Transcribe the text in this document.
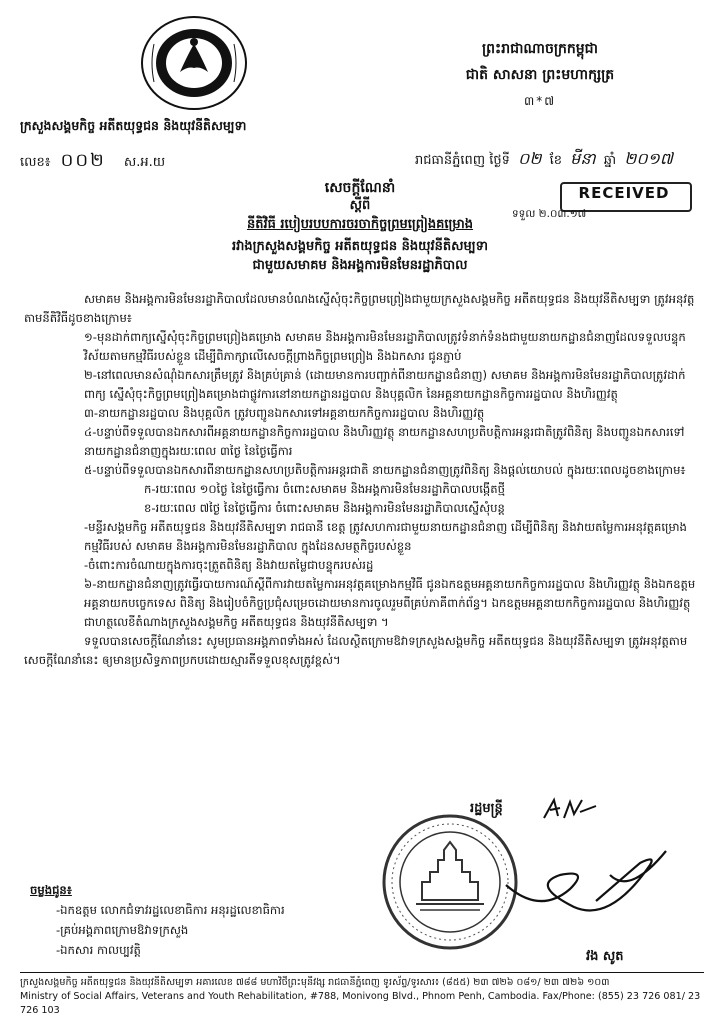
ក្រសួងសង្គមកិច្ច អតីតយុទ្ធជន និងយុវនីតិសម្បទា
ព្រះរាជាណាចក្រកម្ពុជា
ជាតិ សាសនា ព្រះមហាក្សត្រ
៣*៧
លេខ៖ ០០២ ស.អ.យ	រាជធានីភ្នំពេញ ថ្ងៃទី ០២ ខែ មីនា ឆ្នាំ ២០១៧
RECEIVED
ទទួល ២.០៣.១៧
សេចក្តីណែនាំ
ស្តីពី
នីតិវិធី របៀបរបបការចរចាកិច្ចព្រមព្រៀងគម្រោង
រវាងក្រសួងសង្គមកិច្ច អតីតយុទ្ធជន និងយុវនីតិសម្បទា
ជាមួយសមាគម និងអង្គការមិនមែនរដ្ឋាភិបាល

សមាគម និងអង្គការមិនមែនរដ្ឋាភិបាលដែលមានបំណងស្នើសុំចុះកិច្ចព្រមព្រៀងជាមួយក្រសួងសង្គមកិច្ច អតីតយុទ្ធជន និងយុវនីតិសម្បទា ត្រូវអនុវត្តតាមនីតិវិធីដូចខាងក្រោម៖

១-មុនដាក់ពាក្យស្នើសុំចុះកិច្ចព្រមព្រៀងគម្រោង សមាគម និងអង្គការមិនមែនរដ្ឋាភិបាលត្រូវទំនាក់ទំនងជាមួយនាយកដ្ឋានជំនាញដែលទទួលបន្ទុកវិស័យតាមកម្មវិធីរបស់ខ្លួន ដើម្បីពិភាក្សាលើសេចក្តីព្រាងកិច្ចព្រមព្រៀង និងឯកសារ ជូនភ្ជាប់

២-នៅពេលមានសំណុំឯកសារត្រឹមត្រូវ និងគ្រប់គ្រាន់ (ដោយមានការបញ្ជាក់ពីនាយកដ្ឋានជំនាញ) សមាគម និងអង្គការមិនមែនរដ្ឋាភិបាលត្រូវដាក់ពាក្យ ស្នើសុំចុះកិច្ចព្រមព្រៀងគម្រោងជាផ្លូវការនៅនាយកដ្ឋានរដ្ឋបាល និងបុគ្គលិក នៃអគ្គនាយកដ្ឋានកិច្ចការរដ្ឋបាល និងហិរញ្ញវត្ថុ

៣-នាយកដ្ឋានរដ្ឋបាល និងបុគ្គលិក ត្រូវបញ្ជូនឯកសារទៅអគ្គនាយកកិច្ចការរដ្ឋបាល និងហិរញ្ញវត្ថុ

៤-បន្ទាប់ពីទទួលបានឯកសារពីអគ្គនាយកដ្ឋានកិច្ចការរដ្ឋបាល និងហិរញ្ញវត្ថុ នាយកដ្ឋានសហប្រតិបត្តិការអន្តរជាតិត្រូវពិនិត្យ និងបញ្ជូនឯកសារទៅនាយកដ្ឋានជំនាញក្នុងរយៈពេល ៣ថ្ងៃ នៃថ្ងៃធ្វើការ

៥-បន្ទាប់ពីទទួលបានឯកសារពីនាយកដ្ឋានសហប្រតិបត្តិការអន្តរជាតិ នាយកដ្ឋានជំនាញត្រូវពិនិត្យ និងផ្តល់យោបល់ ក្នុងរយៈពេលដូចខាងក្រោម៖

ក-រយៈពេល ១០ថ្ងៃ នៃថ្ងៃធ្វើការ ចំពោះសមាគម និងអង្គការមិនមែនរដ្ឋាភិបាលបង្កើតថ្មី

ខ-រយៈពេល ៧ថ្ងៃ នៃថ្ងៃធ្វើការ ចំពោះសមាគម និងអង្គការមិនមែនរដ្ឋាភិបាលស្នើសុំបន្ត

-មន្ទីរសង្គមកិច្ច អតីតយុទ្ធជន និងយុវនីតិសម្បទា រាជធានី ខេត្ត ត្រូវសហការជាមួយនាយកដ្ឋានជំនាញ ដើម្បីពិនិត្យ និងវាយតម្លៃការអនុវត្តគម្រោងកម្មវិធីរបស់ សមាគម និងអង្គការមិនមែនរដ្ឋាភិបាល ក្នុងដែនសមត្ថកិច្ចរបស់ខ្លួន

-ចំពោះការចំណាយក្នុងការចុះត្រួតពិនិត្យ និងវាយតម្លៃជាបន្ទុករបស់រដ្ឋ

៦-នាយកដ្ឋានជំនាញត្រូវធ្វើរបាយការណ៍ស្តីពីការវាយតម្លៃការអនុវត្តគម្រោងកម្មវិធី ជូនឯកឧត្តមអគ្គនាយកកិច្ចការរដ្ឋបាល និងហិរញ្ញវត្ថុ និងឯកឧត្តមអគ្គនាយកបច្ចេកទេស ពិនិត្យ និងរៀបចំកិច្ចប្រជុំសម្រេចដោយមានការចូលរួមពីគ្រប់ភាគីពាក់ព័ន្ធ។ ឯកឧត្តមអគ្គនាយកកិច្ចការរដ្ឋបាល និងហិរញ្ញវត្ថុ ជាហត្ថលេខីតំណាងក្រសួងសង្គមកិច្ច អតីតយុទ្ធជន និងយុវនីតិសម្បទា ។

ទទួលបានសេចក្តីណែនាំនេះ សូមប្រធានអង្គភាពទាំងអស់ ដែលស្ថិតក្រោមឱវាទក្រសួងសង្គមកិច្ច អតីតយុទ្ធជន និងយុវនីតិសម្បទា ត្រូវអនុវត្តតាមសេចក្តីណែនាំនេះ ឲ្យមានប្រសិទ្ធភាពប្រកបដោយស្មារតីទទួលខុសត្រូវខ្ពស់។

រដ្ឋមន្ត្រី
វង សូត
ចម្លងជូន៖
-ឯកឧត្តម លោកជំទាវរដ្ឋលេខាធិការ អនុរដ្ឋលេខាធិការ
-គ្រប់អង្គភាពក្រោមឱវាទក្រសួង
-ឯកសារ កាលប្បវត្តិ
ក្រសួងសង្គមកិច្ច អតីតយុទ្ធជន និងយុវនីតិសម្បទា អគារលេខ ៧៨៨ មហាវិថីព្រះមុនីវង្ស រាជធានីភ្នំពេញ ទូរស័ព្ទ/ទូរសារ៖ (៨៥៥) ២៣ ៧២៦ ០៨១/ ២៣ ៧២៦ ១០៣
Ministry of Social Affairs, Veterans and Youth Rehabilitation, #788, Monivong Blvd., Phnom Penh, Cambodia. Fax/Phone: (855) 23 726 081/ 23 726 103
